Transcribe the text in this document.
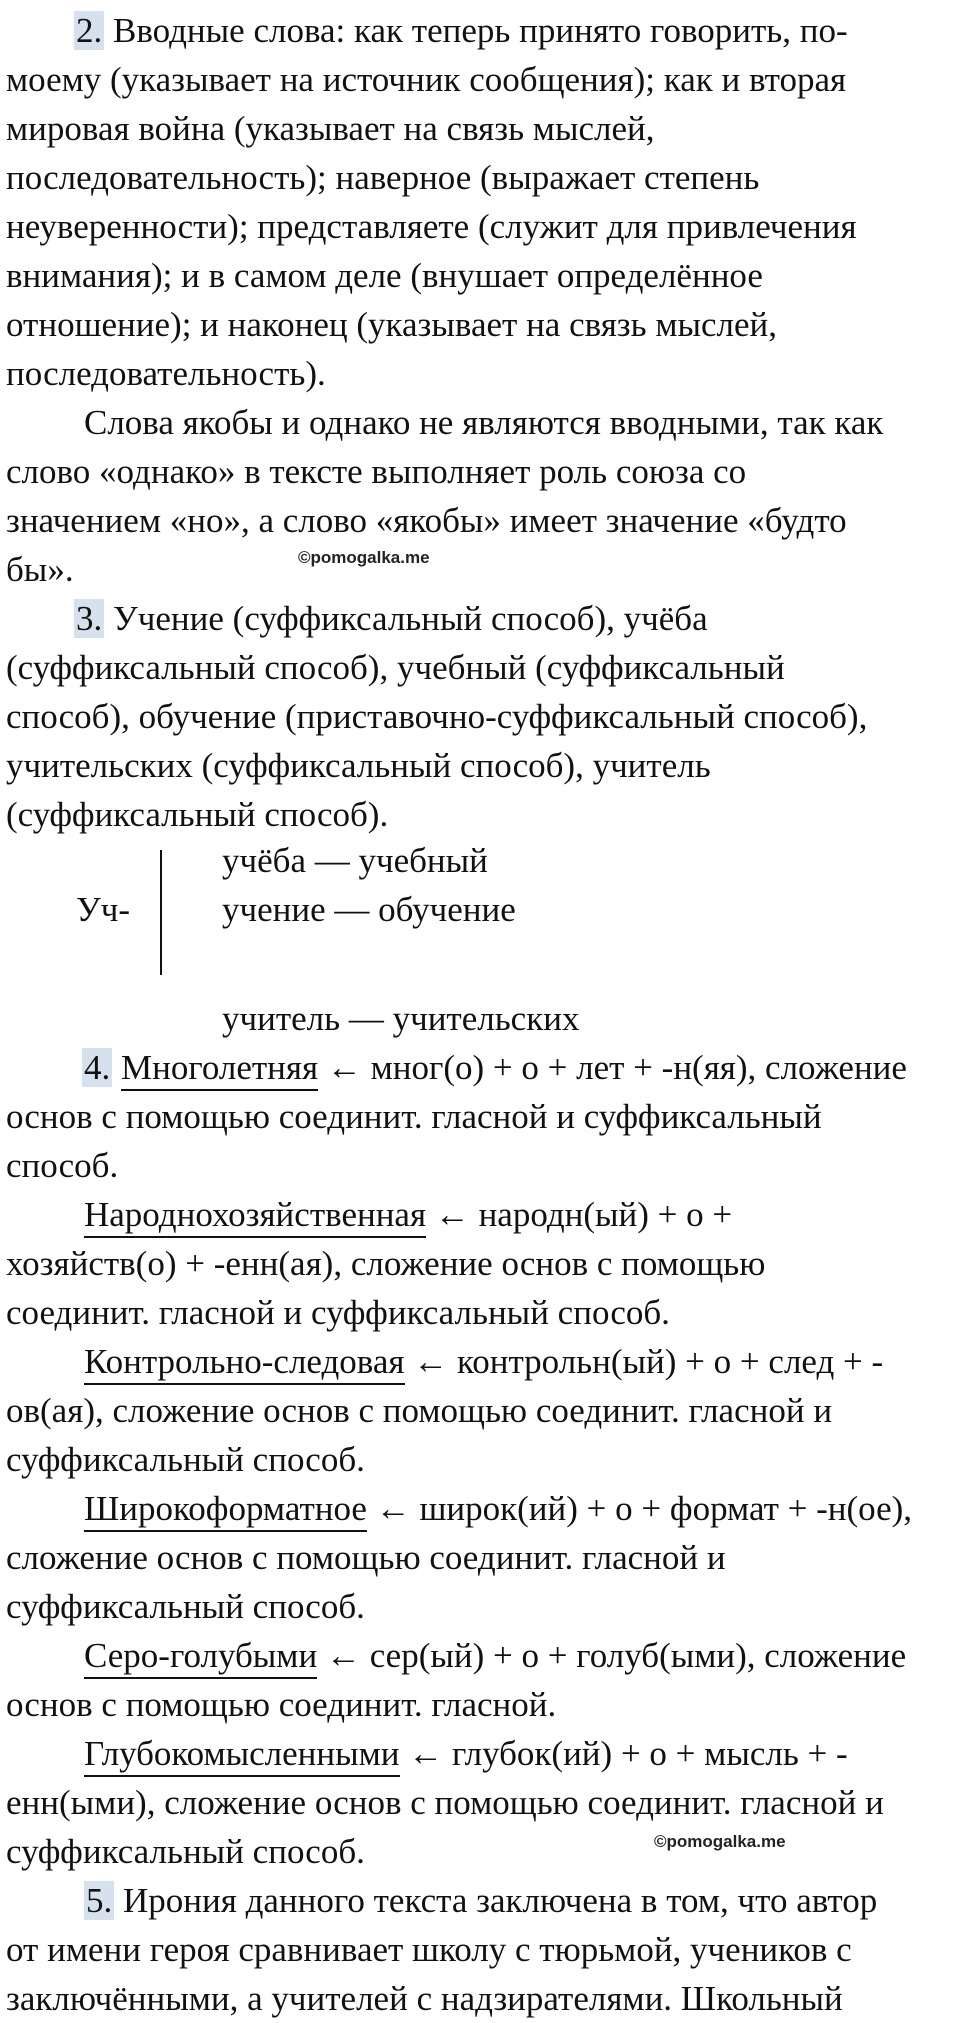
2. Вводные слова: как теперь принято говорить, по-
моему (указывает на источник сообщения); как и вторая
мировая война (указывает на связь мыслей,
последовательность); наверное (выражает степень
неуверенности); представляете (служит для привлечения
внимания); и в самом деле (внушает определённое
отношение); и наконец (указывает на связь мыслей,
последовательность).
Слова якобы и однако не являются вводными, так как
слово «однако» в тексте выполняет роль союза со
значением «но», а слово «якобы» имеет значение «будто
бы».	©pomogalka.me
3. Учение (суффиксальный способ), учёба
(суффиксальный способ), учебный (суффиксальный
способ), обучение (приставочно-суффиксальный способ),
учительских (суффиксальный способ), учитель
(суффиксальный способ).
Уч-
учёба — учебный
учение — обучение
учитель — учительских
4. Многолетняя ← мног(о) + о + лет + -н(яя), сложение
основ с помощью соединит. гласной и суффиксальный
способ.
Народнохозяйственная ← народн(ый) + о +
хозяйств(о) + -енн(ая), сложение основ с помощью
соединит. гласной и суффиксальный способ.
Контрольно-следовая ← контрольн(ый) + о + след + -
ов(ая), сложение основ с помощью соединит. гласной и
суффиксальный способ.
Широкоформатное ← широк(ий) + о + формат + -н(ое),
сложение основ с помощью соединит. гласной и
суффиксальный способ.
Серо-голубыми ← сер(ый) + о + голуб(ыми), сложение
основ с помощью соединит. гласной.
Глубокомысленными ← глубок(ий) + о + мысль + -
енн(ыми), сложение основ с помощью соединит. гласной и
суффиксальный способ.	©pomogalka.me
5. Ирония данного текста заключена в том, что автор
от имени героя сравнивает школу с тюрьмой, учеников с
заключёнными, а учителей с надзирателями. Школьный
